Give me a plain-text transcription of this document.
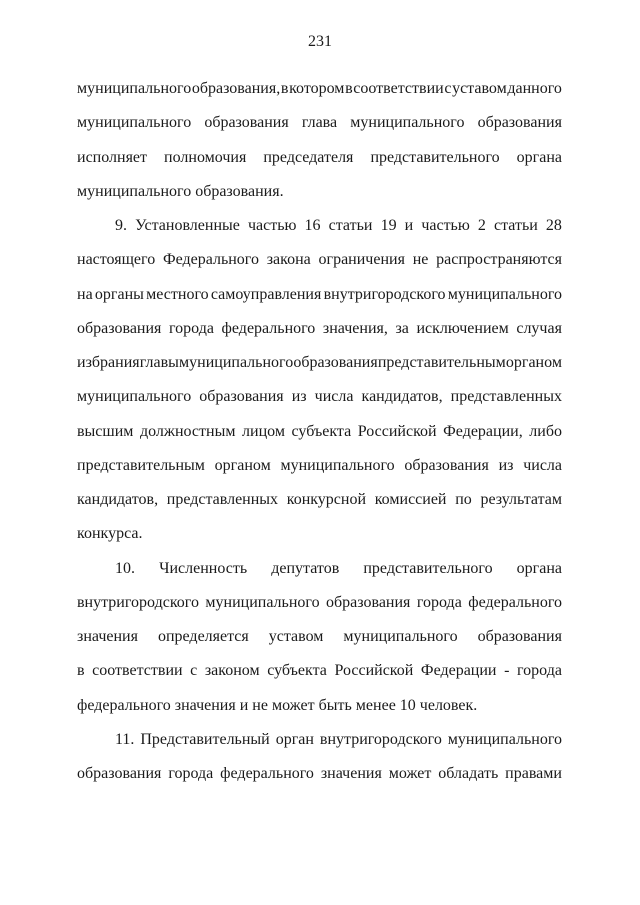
231
муниципального образования, в котором в соответствии с уставом данного
муниципального образования глава муниципального образования
исполняет полномочия председателя представительного органа
муниципального образования.
9. Установленные частью 16 статьи 19 и частью 2 статьи 28
настоящего Федерального закона ограничения не распространяются
на органы местного самоуправления внутригородского муниципального
образования города федерального значения, за исключением случая
избрания главы муниципального образования представительным органом
муниципального образования из числа кандидатов, представленных
высшим должностным лицом субъекта Российской Федерации, либо
представительным органом муниципального образования из числа
кандидатов, представленных конкурсной комиссией по результатам
конкурса.
10. Численность депутатов представительного органа
внутригородского муниципального образования города федерального
значения определяется уставом муниципального образования
в соответствии с законом субъекта Российской Федерации - города
федерального значения и не может быть менее 10 человек.
11. Представительный орган внутригородского муниципального
образования города федерального значения может обладать правами
